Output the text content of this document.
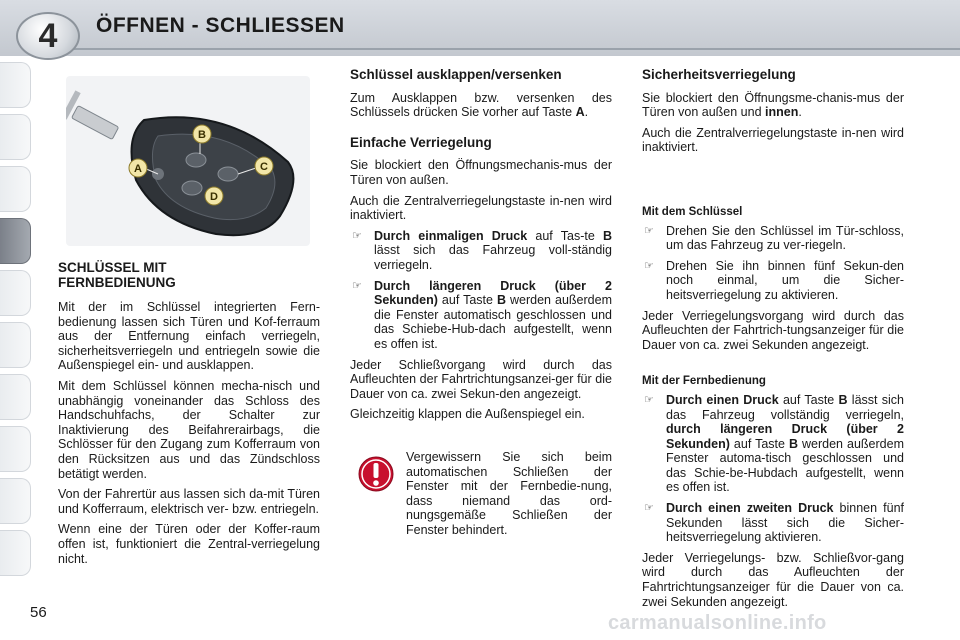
4	ÖFFNEN - SCHLIESSEN
A
B
C
D
SCHLÜSSEL MIT FERNBEDIENUNG

Mit der im Schlüssel integrierten Fern-bedienung lassen sich Türen und Kof-ferraum aus der Entfernung einfach verriegeln, sicherheitsverriegeln und entriegeln sowie die Außenspiegel ein- und ausklappen.

Mit dem Schlüssel können mecha-nisch und unabhängig voneinander das Schloss des Handschuhfachs, der Schalter zur Inaktivierung des Beifahrerairbags, die Schlösser für den Zugang zum Kofferraum von den Rücksitzen aus und das Zündschloss betätigt werden.

Von der Fahrertür aus lassen sich da-mit Türen und Kofferraum, elektrisch ver- bzw. entriegeln.

Wenn eine der Türen oder der Koffer-raum offen ist, funktioniert die Zentral-verriegelung nicht.

Schlüssel ausklappen/versenken

Zum Ausklappen bzw. versenken des Schlüssels drücken Sie vorher auf Taste A.

Einfache Verriegelung

Sie blockiert den Öffnungsmechanis-mus der Türen von außen.

Auch die Zentralverriegelungstaste in-nen wird inaktiviert.

☞ Durch einmaligen Druck auf Tas-te B lässt sich das Fahrzeug voll-ständig verriegeln.
☞ Durch längeren Druck (über 2 Sekunden) auf Taste B werden außerdem die Fenster automatisch geschlossen und das Schiebe-Hub-dach aufgestellt, wenn es offen ist.

Jeder Schließvorgang wird durch das Aufleuchten der Fahrtrichtungsanzei-ger für die Dauer von ca. zwei Sekun-den angezeigt.

Gleichzeitig klappen die Außenspiegel ein.

Vergewissern Sie sich beim automatischen Schließen der Fenster mit der Fernbedie-nung, dass niemand das ord-nungsgemäße Schließen der Fenster behindert.
Sicherheitsverriegelung

Sie blockiert den Öffnungsme-chanis-mus der Türen von außen und innen.

Auch die Zentralverriegelungstaste in-nen wird inaktiviert.

Mit dem Schlüssel
☞ Drehen Sie den Schlüssel im Tür-schloss, um das Fahrzeug zu ver-riegeln.
☞ Drehen Sie ihn binnen fünf Sekun-den noch einmal, um die Sicher-heitsverriegelung zu aktivieren.

Jeder Verriegelungsvorgang wird durch das Aufleuchten der Fahrtrich-tungsanzeiger für die Dauer von ca. zwei Sekunden angezeigt.

Mit der Fernbedienung
☞ Durch einen Druck auf Taste B lässt sich das Fahrzeug vollständig verriegeln, durch längeren Druck (über 2 Sekunden) auf Taste B werden außerdem Fenster automa-tisch geschlossen und das Schie-be-Hubdach aufgestellt, wenn es offen ist.
☞ Durch einen zweiten Druck binnen fünf Sekunden lässt sich die Sicher-heitsverriegelung aktivieren.

Jeder Verriegelungs- bzw. Schließvor-gang wird durch das Aufleuchten der Fahrtrichtungsanzeiger für die Dauer von ca. zwei Sekunden angezeigt.

56	carmanualsonline.info
